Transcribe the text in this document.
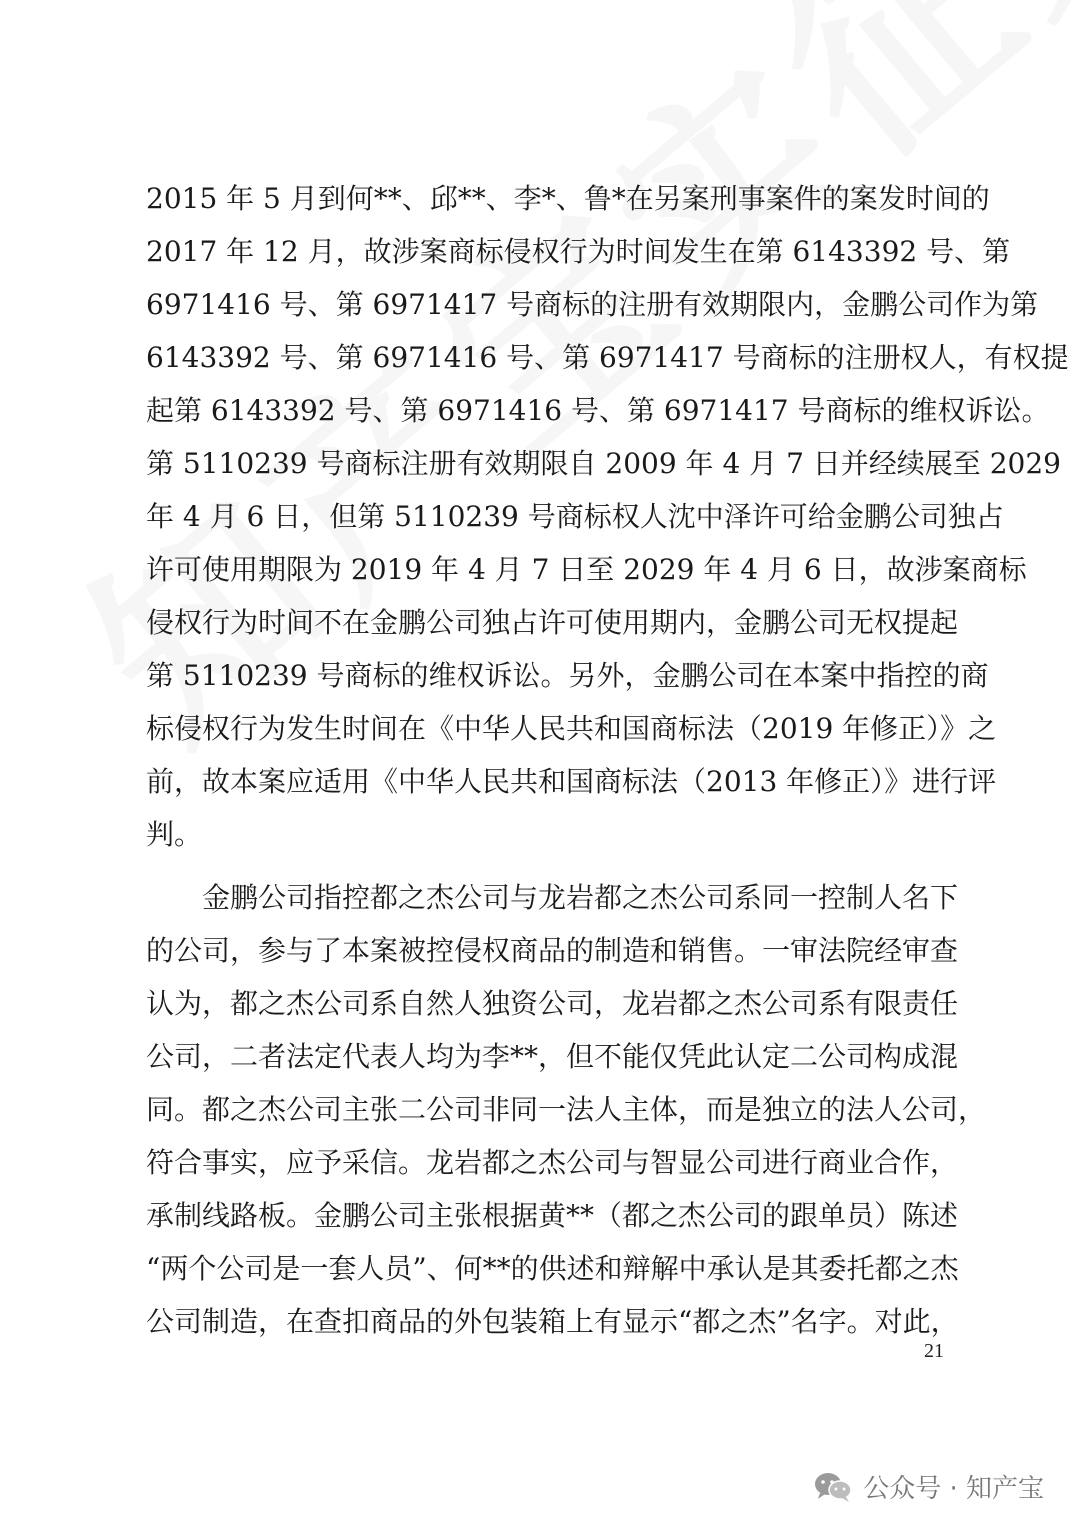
2015 年 5 月到何**、邱**、李*、鲁*在另案刑事案件的案发时间的
2017 年 12 月，故涉案商标侵权行为时间发生在第 6143392 号、第
6971416 号、第 6971417 号商标的注册有效期限内，金鹏公司作为第
6143392 号、第 6971416 号、第 6971417 号商标的注册权人，有权提
起第 6143392 号、第 6971416 号、第 6971417 号商标的维权诉讼。
第 5110239 号商标注册有效期限自 2009 年 4 月 7 日并经续展至 2029
年 4 月 6 日，但第 5110239 号商标权人沈中泽许可给金鹏公司独占
许可使用期限为 2019 年 4 月 7 日至 2029 年 4 月 6 日，故涉案商标
侵权行为时间不在金鹏公司独占许可使用期内，金鹏公司无权提起
第 5110239 号商标的维权诉讼。另外，金鹏公司在本案中指控的商
标侵权行为发生时间在《中华人民共和国商标法（2019 年修正）》之
前，故本案应适用《中华人民共和国商标法（2013 年修正）》进行评
判。
金鹏公司指控都之杰公司与龙岩都之杰公司系同一控制人名下
的公司，参与了本案被控侵权商品的制造和销售。一审法院经审查
认为，都之杰公司系自然人独资公司，龙岩都之杰公司系有限责任
公司，二者法定代表人均为李**，但不能仅凭此认定二公司构成混
同。都之杰公司主张二公司非同一法人主体，而是独立的法人公司，
符合事实，应予采信。龙岩都之杰公司与智显公司进行商业合作，
承制线路板。金鹏公司主张根据黄**（都之杰公司的跟单员）陈述
“两个公司是一套人员”、何**的供述和辩解中承认是其委托都之杰
公司制造，在查扣商品的外包装箱上有显示“都之杰”名字。对此，
21
公众号 · 知产宝
